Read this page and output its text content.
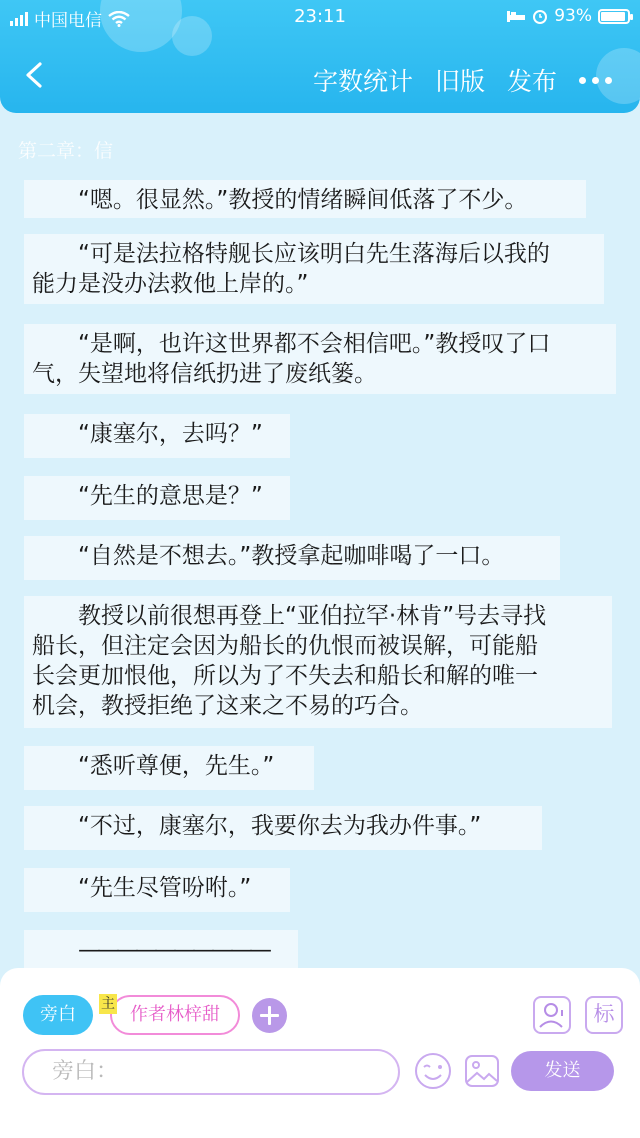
中国电信	23:11	93%
字数统计 旧版 发布
第二章：信
“嗯。很显然。”教授的情绪瞬间低落了不少。
“可是法拉格特舰长应该明白先生落海后以我的
能力是没办法救他上岸的。”
“是啊，也许这世界都不会相信吧。”教授叹了口
气，失望地将信纸扔进了废纸篓。
“康塞尔，去吗？”
“先生的意思是？”
“自然是不想去。”教授拿起咖啡喝了一口。
教授以前很想再登上“亚伯拉罕·林肯”号去寻找
船长，但注定会因为船长的仇恨而被误解，可能船
长会更加恨他，所以为了不失去和船长和解的唯一
机会，教授拒绝了这来之不易的巧合。
“悉听尊便，先生。”
“不过，康塞尔，我要你去为我办件事。”
“先生尽管吩咐。”
——————————
旁白	作者林梓甜
主	标
旁白：	发送
